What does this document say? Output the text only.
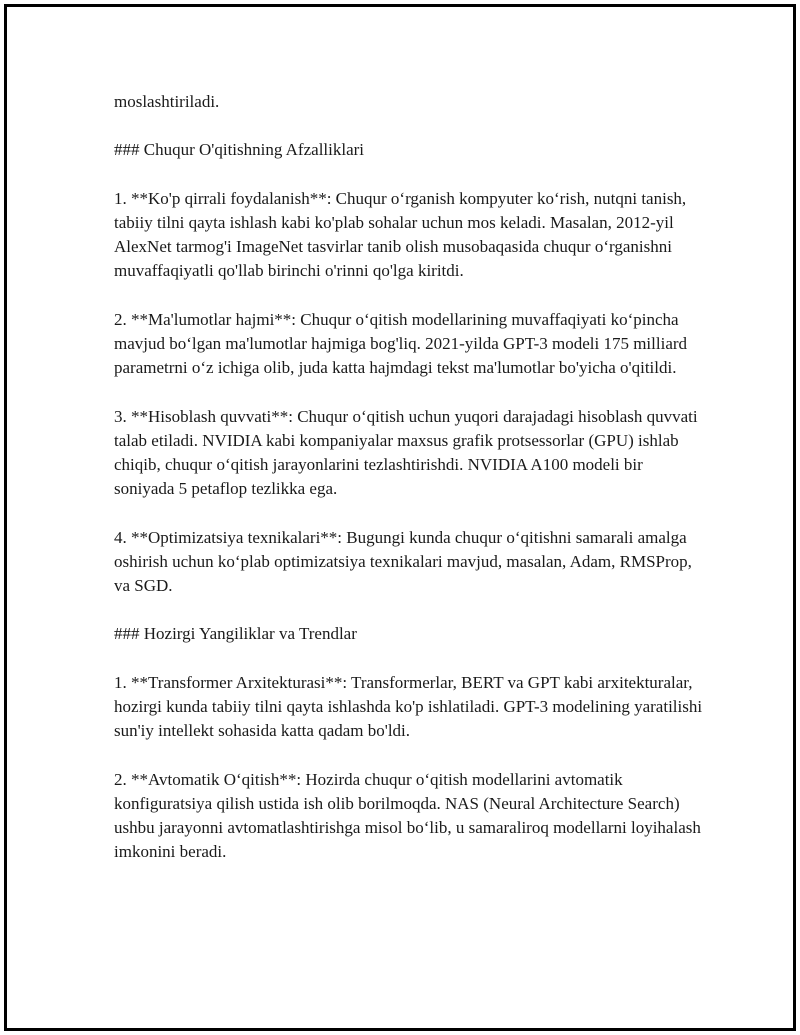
moslashtiriladi.

### Chuqur O'qitishning Afzalliklari

1. **Ko'p qirrali foydalanish**: Chuqur o‘rganish kompyuter ko‘rish, nutqni tanish, tabiiy tilni qayta ishlash kabi ko'plab sohalar uchun mos keladi. Masalan, 2012-yil AlexNet tarmog'i ImageNet tasvirlar tanib olish musobaqasida chuqur o‘rganishni muvaffaqiyatli qo'llab birinchi o'rinni qo'lga kiritdi.

2. **Ma'lumotlar hajmi**: Chuqur o‘qitish modellarining muvaffaqiyati ko‘pincha mavjud bo‘lgan ma'lumotlar hajmiga bog'liq. 2021-yilda GPT-3 modeli 175 milliard parametrni o‘z ichiga olib, juda katta hajmdagi tekst ma'lumotlar bo'yicha o'qitildi.

3. **Hisoblash quvvati**: Chuqur o‘qitish uchun yuqori darajadagi hisoblash quvvati talab etiladi. NVIDIA kabi kompaniyalar maxsus grafik protsessorlar (GPU) ishlab chiqib, chuqur o‘qitish jarayonlarini tezlashtirishdi. NVIDIA A100 modeli bir soniyada 5 petaflop tezlikka ega.

4. **Optimizatsiya texnikalari**: Bugungi kunda chuqur o‘qitishni samarali amalga oshirish uchun ko‘plab optimizatsiya texnikalari mavjud, masalan, Adam, RMSProp, va SGD.

### Hozirgi Yangiliklar va Trendlar

1. **Transformer Arxitekturasi**: Transformerlar, BERT va GPT kabi arxitekturalar, hozirgi kunda tabiiy tilni qayta ishlashda ko'p ishlatiladi. GPT-3 modelining yaratilishi sun'iy intellekt sohasida katta qadam bo'ldi.

2. **Avtomatik O‘qitish**: Hozirda chuqur o‘qitish modellarini avtomatik konfiguratsiya qilish ustida ish olib borilmoqda. NAS (Neural Architecture Search) ushbu jarayonni avtomatlashtirishga misol bo‘lib, u samaraliroq modellarni loyihalash imkonini beradi.
